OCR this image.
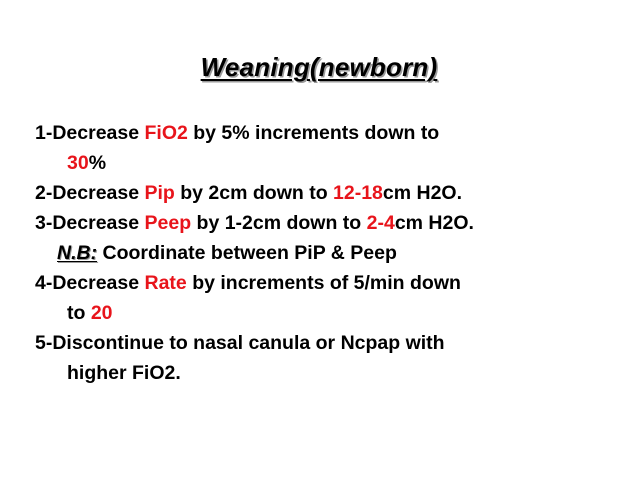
Weaning(newborn)
1-Decrease FiO2 by 5% increments down to
30%
2-Decrease Pip by 2cm down to 12-18cm H2O.
3-Decrease Peep by 1-2cm down to 2-4cm H2O.
N.B: Coordinate between PiP & Peep
4-Decrease Rate by increments of 5/min down
to 20
5-Discontinue to nasal canula or Ncpap with
higher FiO2.
